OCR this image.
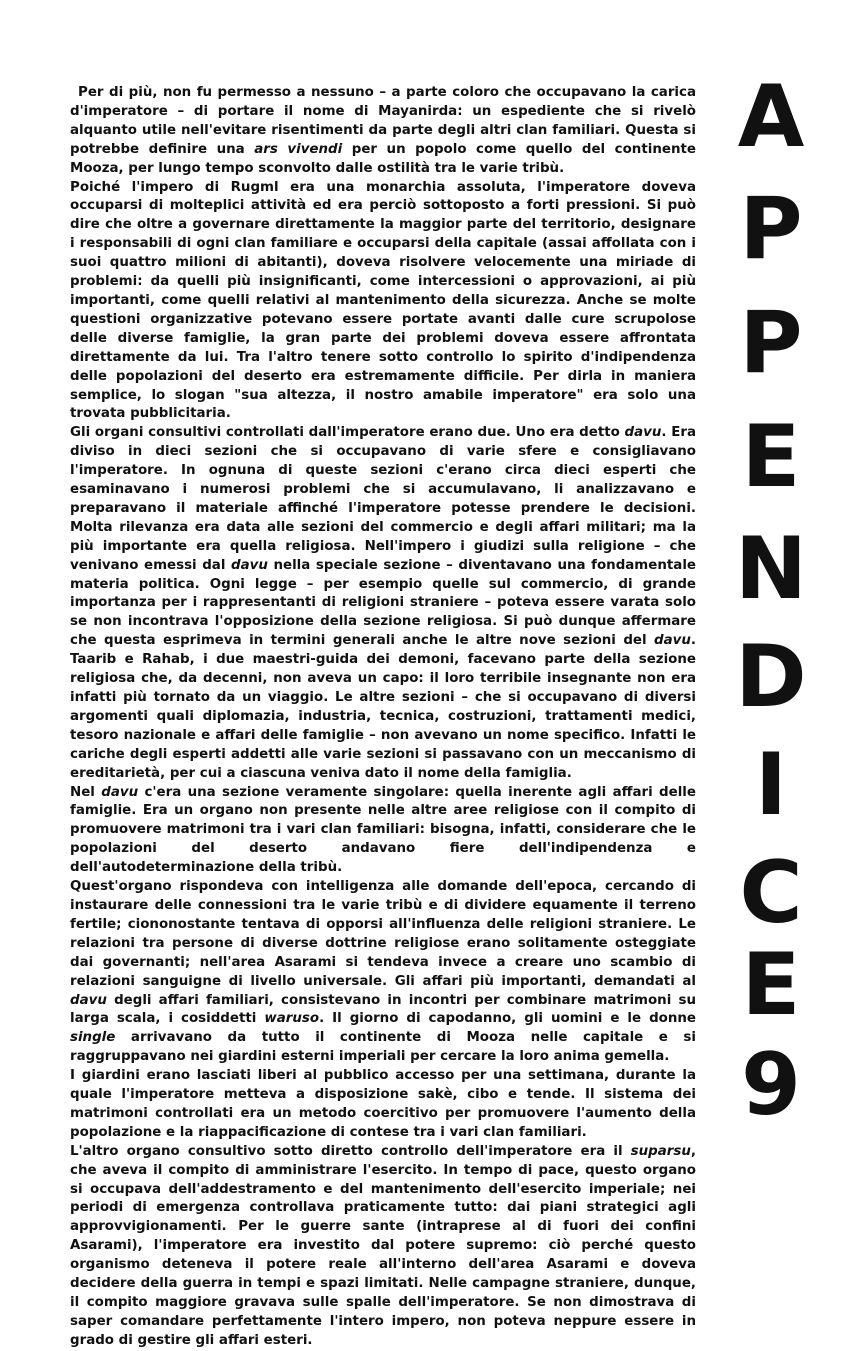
Per di più, non fu permesso a nessuno – a parte coloro che occupavano la carica d'imperatore – di portare il nome di Mayanirda: un espediente che si rivelò alquanto utile nell'evitare risentimenti da parte degli altri clan familiari. Questa si potrebbe definire una ars vivendi per un popolo come quello del continente Mooza, per lungo tempo sconvolto dalle ostilità tra le varie tribù.

Poiché l'impero di Rugml era una monarchia assoluta, l'imperatore doveva occuparsi di molteplici attività ed era perciò sottoposto a forti pressioni. Si può dire che oltre a governare direttamente la maggior parte del territorio, designare i responsabili di ogni clan familiare e occuparsi della capitale (assai affollata con i suoi quattro milioni di abitanti), doveva risolvere velocemente una miriade di problemi: da quelli più insignificanti, come intercessioni o approvazioni, ai più importanti, come quelli relativi al mantenimento della sicurezza. Anche se molte questioni organizzative potevano essere portate avanti dalle cure scrupolose delle diverse famiglie, la gran parte dei problemi doveva essere affrontata direttamente da lui. Tra l'altro tenere sotto controllo lo spirito d'indipendenza delle popolazioni del deserto era estremamente difficile. Per dirla in maniera semplice, lo slogan "sua altezza, il nostro amabile imperatore" era solo una trovata pubblicitaria.

Gli organi consultivi controllati dall'imperatore erano due. Uno era detto davu. Era diviso in dieci sezioni che si occupavano di varie sfere e consigliavano l'imperatore. In ognuna di queste sezioni c'erano circa dieci esperti che esaminavano i numerosi problemi che si accumulavano, li analizzavano e preparavano il materiale affinché l'imperatore potesse prendere le decisioni. Molta rilevanza era data alle sezioni del commercio e degli affari militari; ma la più importante era quella religiosa. Nell'impero i giudizi sulla religione – che venivano emessi dal davu nella speciale sezione – diventavano una fondamentale materia politica. Ogni legge – per esempio quelle sul commercio, di grande importanza per i rappresentanti di religioni straniere – poteva essere varata solo se non incontrava l'opposizione della sezione religiosa. Si può dunque affermare che questa esprimeva in termini generali anche le altre nove sezioni del davu. Taarib e Rahab, i due maestri-guida dei demoni, facevano parte della sezione religiosa che, da decenni, non aveva un capo: il loro terribile insegnante non era infatti più tornato da un viaggio. Le altre sezioni – che si occupavano di diversi argomenti quali diplomazia, industria, tecnica, costruzioni, trattamenti medici, tesoro nazionale e affari delle famiglie – non avevano un nome specifico. Infatti le cariche degli esperti addetti alle varie sezioni si passavano con un meccanismo di ereditarietà, per cui a ciascuna veniva dato il nome della famiglia.

Nel davu c'era una sezione veramente singolare: quella inerente agli affari delle famiglie. Era un organo non presente nelle altre aree religiose con il compito di promuovere matrimoni tra i vari clan familiari: bisogna, infatti, considerare che le popolazioni del deserto andavano fiere dell'indipendenza e dell'autodeterminazione della tribù.

Quest'organo rispondeva con intelligenza alle domande dell'epoca, cercando di instaurare delle connessioni tra le varie tribù e di dividere equamente il terreno fertile; ciononostante tentava di opporsi all'influenza delle religioni straniere. Le relazioni tra persone di diverse dottrine religiose erano solitamente osteggiate dai governanti; nell'area Asarami si tendeva invece a creare uno scambio di relazioni sanguigne di livello universale. Gli affari più importanti, demandati al davu degli affari familiari, consistevano in incontri per combinare matrimoni su larga scala, i cosiddetti waruso. Il giorno di capodanno, gli uomini e le donne single arrivavano da tutto il continente di Mooza nelle capitale e si raggruppavano nei giardini esterni imperiali per cercare la loro anima gemella.

I giardini erano lasciati liberi al pubblico accesso per una settimana, durante la quale l'imperatore metteva a disposizione sakè, cibo e tende. Il sistema dei matrimoni controllati era un metodo coercitivo per promuovere l'aumento della popolazione e la riappacificazione di contese tra i vari clan familiari.

L'altro organo consultivo sotto diretto controllo dell'imperatore era il suparsu, che aveva il compito di amministrare l'esercito. In tempo di pace, questo organo si occupava dell'addestramento e del mantenimento dell'esercito imperiale; nei periodi di emergenza controllava praticamente tutto: dai piani strategici agli approvvigionamenti. Per le guerre sante (intraprese al di fuori dei confini Asarami), l'imperatore era investito dal potere supremo: ciò perché questo organismo deteneva il potere reale all'interno dell'area Asarami e doveva decidere della guerra in tempi e spazi limitati. Nelle campagne straniere, dunque, il compito maggiore gravava sulle spalle dell'imperatore. Se non dimostrava di saper comandare perfettamente l'intero impero, non poteva neppure essere in grado di gestire gli affari esteri.

A
P
P
E
N
D
I
C
E
9
